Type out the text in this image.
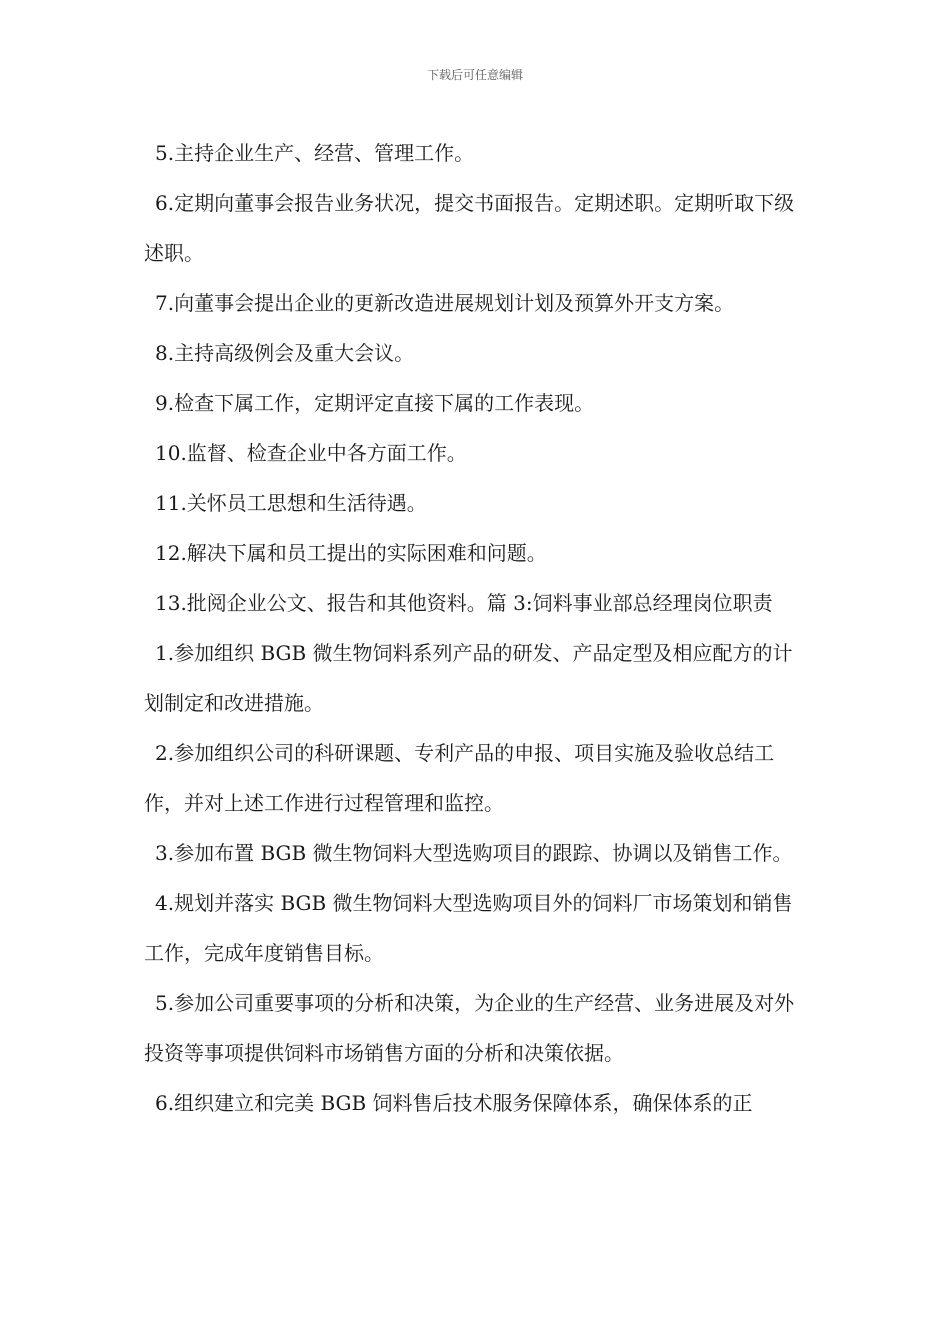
下载后可任意编辑

5.主持企业生产、经营、管理工作。

6.定期向董事会报告业务状况，提交书面报告。定期述职。定期听取下级述职。

7.向董事会提出企业的更新改造进展规划计划及预算外开支方案。

8.主持高级例会及重大会议。

9.检查下属工作，定期评定直接下属的工作表现。

10.监督、检查企业中各方面工作。

11.关怀员工思想和生活待遇。

12.解决下属和员工提出的实际困难和问题。

13.批阅企业公文、报告和其他资料。篇 3:饲料事业部总经理岗位职责

1.参加组织 BGB 微生物饲料系列产品的研发、产品定型及相应配方的计划制定和改进措施。

2.参加组织公司的科研课题、专利产品的申报、项目实施及验收总结工作，并对上述工作进行过程管理和监控。

3.参加布置 BGB 微生物饲料大型选购项目的跟踪、协调以及销售工作。

4.规划并落实 BGB 微生物饲料大型选购项目外的饲料厂市场策划和销售工作，完成年度销售目标。

5.参加公司重要事项的分析和决策，为企业的生产经营、业务进展及对外投资等事项提供饲料市场销售方面的分析和决策依据。

6.组织建立和完美 BGB 饲料售后技术服务保障体系，确保体系的正
